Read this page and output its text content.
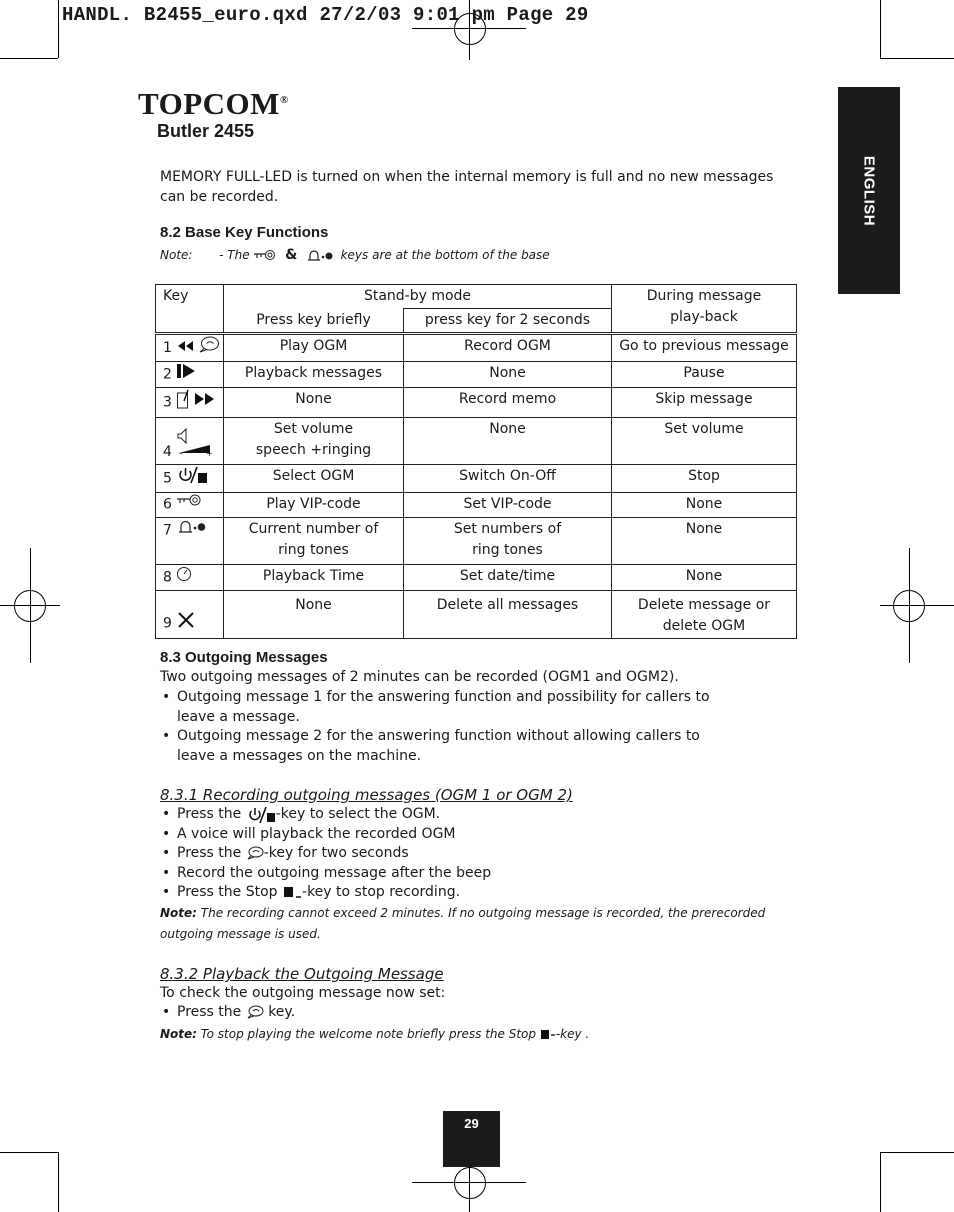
HANDL. B2455_euro.qxd 27/2/03 9:01 pm Page 29
TOPCOM®
Butler 2455
ENGLISH

MEMORY FULL-LED is turned on when the internal memory is full and no new messages can be recorded.

8.2 Base Key Functions
Note: - The	&	keys are at the bottom of the base
Key	Stand-by mode		During message
play-back
	Press key briefly	press key for 2 seconds	
1	Play OGM	Record OGM	Go to previous message
2	Playback messages	None	Pause
3	None	Record memo	Skip message
4 – +	Set volume
speech +ringing	None	Set volume
5	Select OGM	Switch On-Off	Stop
6	Play VIP-code	Set VIP-code	None
7	Current number of
ring tones	Set numbers of
ring tones	None
8	Playback Time	Set date/time	None
9	None	Delete all messages	Delete message or
delete OGM
8.3 Outgoing Messages
Two outgoing messages of 2 minutes can be recorded (OGM1 and OGM2).
• Outgoing message 1 for the answering function and possibility for callers to leave a message.
• Outgoing message 2 for the answering function without allowing callers to leave a messages on the machine.
8.3.1 Recording outgoing messages (OGM 1 or OGM 2)
• Press the -key to select the OGM.
• A voice will playback the recorded OGM
• Press the -key for two seconds
• Record the outgoing message after the beep
• Press the Stop -key to stop recording.
Note: The recording cannot exceed 2 minutes. If no outgoing message is recorded, the prerecorded
outgoing message is used.
8.3.2 Playback the Outgoing Message
To check the outgoing message now set:
• Press the key.
Note: To stop playing the welcome note briefly press the Stop -key .
29
